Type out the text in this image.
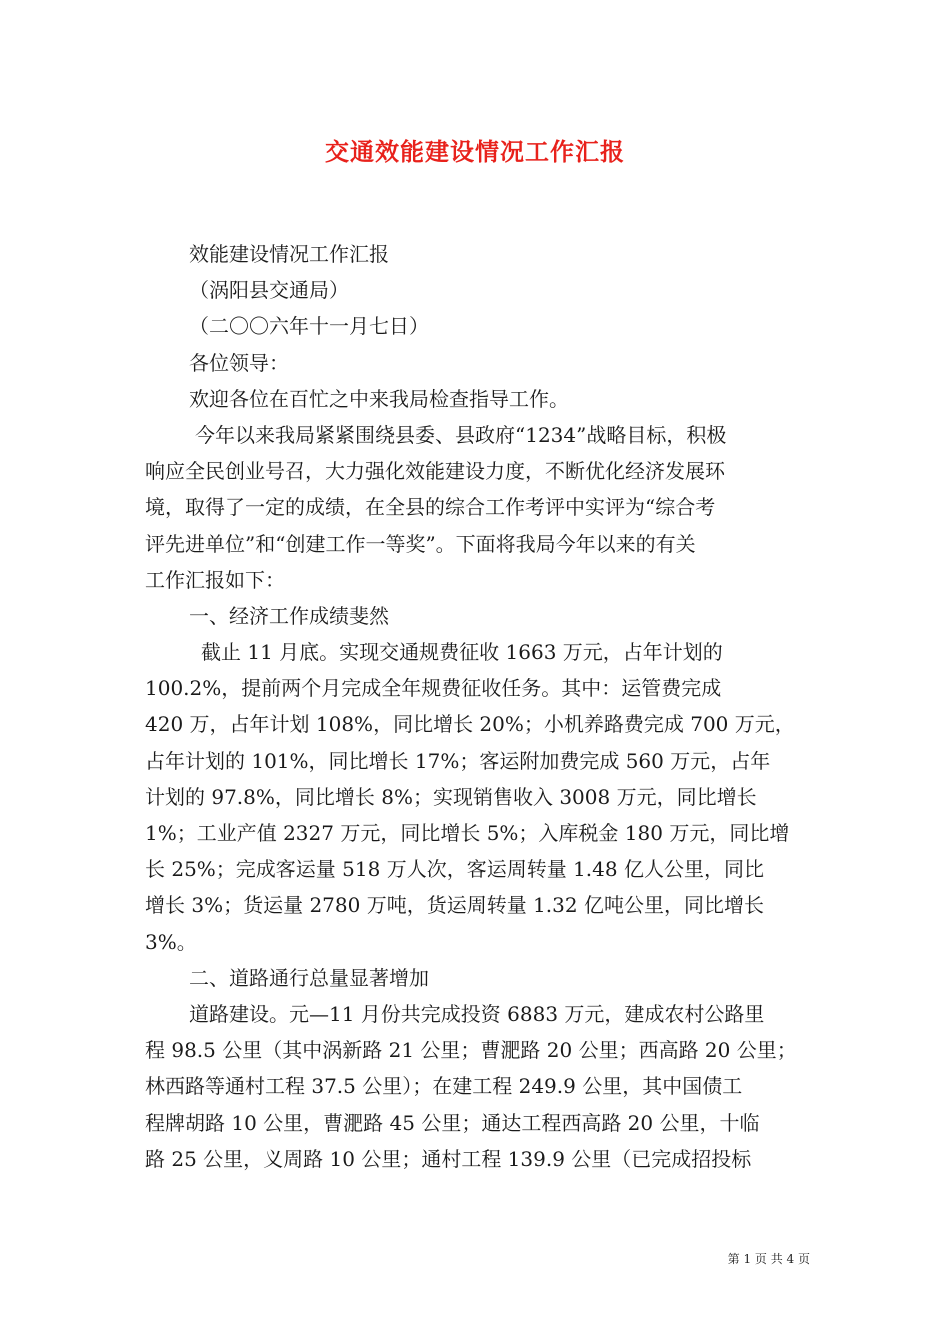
交通效能建设情况工作汇报
效能建设情况工作汇报
（涡阳县交通局）
（二〇〇六年十一月七日）
各位领导：
欢迎各位在百忙之中来我局检查指导工作。
今年以来我局紧紧围绕县委、县政府“1234”战略目标，积极
响应全民创业号召，大力强化效能建设力度，不断优化经济发展环
境，取得了一定的成绩，在全县的综合工作考评中实评为“综合考
评先进单位”和“创建工作一等奖”。下面将我局今年以来的有关
工作汇报如下：
一、经济工作成绩斐然
截止 11 月底。实现交通规费征收 1663 万元，占年计划的
100.2%，提前两个月完成全年规费征收任务。其中：运管费完成
420 万，占年计划 108%，同比增长 20%；小机养路费完成 700 万元，
占年计划的 101%，同比增长 17%；客运附加费完成 560 万元，占年
计划的 97.8%，同比增长 8%；实现销售收入 3008 万元，同比增长
1%；工业产值 2327 万元，同比增长 5%；入库税金 180 万元，同比增
长 25%；完成客运量 518 万人次，客运周转量 1.48 亿人公里，同比
增长 3%；货运量 2780 万吨，货运周转量 1.32 亿吨公里，同比增长
3%。
二、道路通行总量显著增加
道路建设。元—11 月份共完成投资 6883 万元，建成农村公路里
程 98.5 公里（其中涡新路 21 公里；曹淝路 20 公里；西高路 20 公里；
林西路等通村工程 37.5 公里）；在建工程 249.9 公里，其中国债工
程牌胡路 10 公里，曹淝路 45 公里；通达工程西高路 20 公里，十临
路 25 公里，义周路 10 公里；通村工程 139.9 公里（已完成招投标
第 1 页 共 4 页
